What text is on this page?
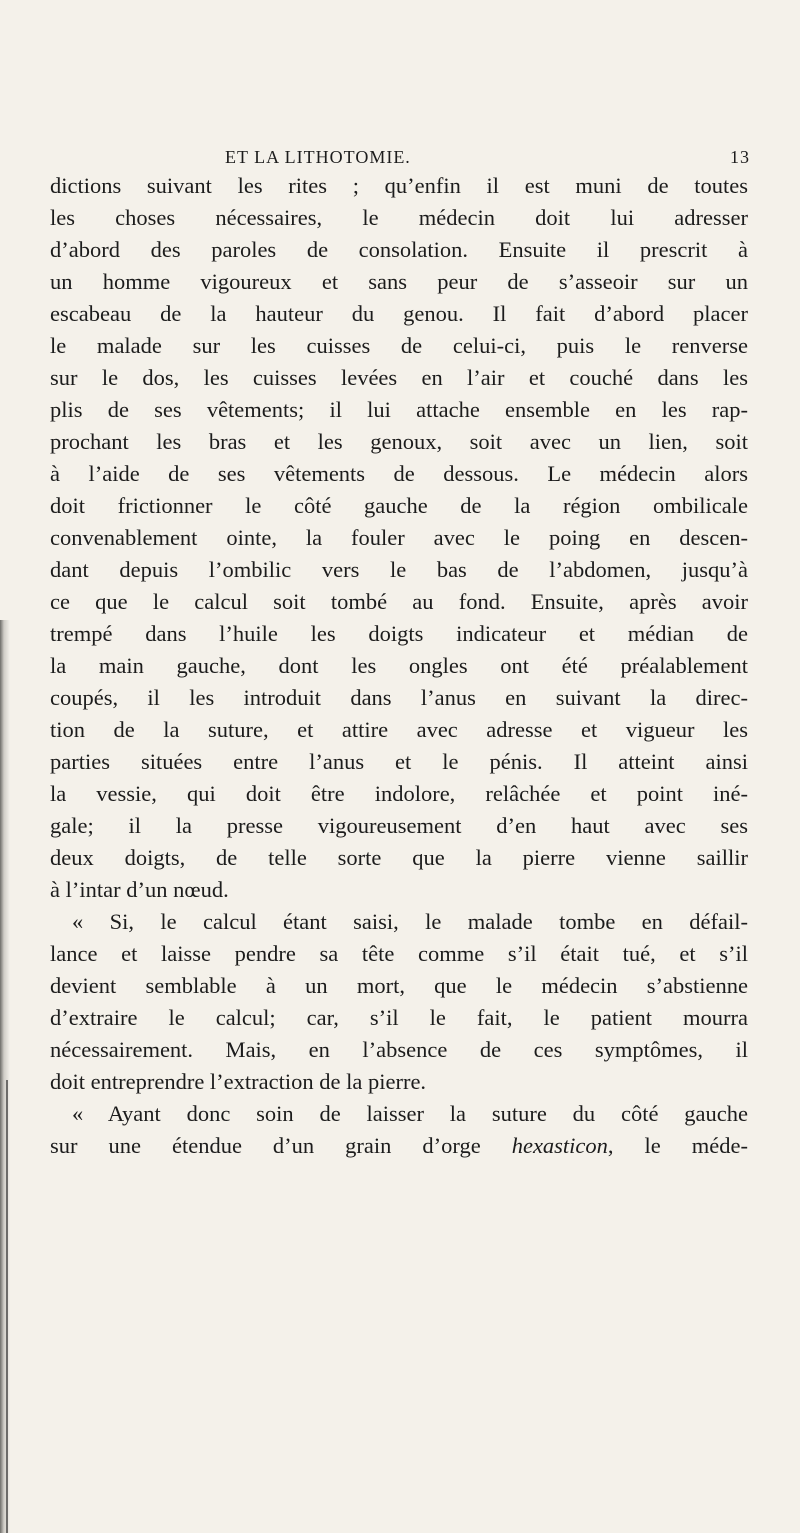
ET LA LITHOTOMIE.	13
dictions suivant les rites ; qu’enfin il est muni de toutes
les choses nécessaires, le médecin doit lui adresser
d’abord des paroles de consolation. Ensuite il prescrit à
un homme vigoureux et sans peur de s’asseoir sur un
escabeau de la hauteur du genou. Il fait d’abord placer
le malade sur les cuisses de celui-ci, puis le renverse
sur le dos, les cuisses levées en l’air et couché dans les
plis de ses vêtements; il lui attache ensemble en les rap-
prochant les bras et les genoux, soit avec un lien, soit
à l’aide de ses vêtements de dessous. Le médecin alors
doit frictionner le côté gauche de la région ombilicale
convenablement ointe, la fouler avec le poing en descen-
dant depuis l’ombilic vers le bas de l’abdomen, jusqu’à
ce que le calcul soit tombé au fond. Ensuite, après avoir
trempé dans l’huile les doigts indicateur et médian de
la main gauche, dont les ongles ont été préalablement
coupés, il les introduit dans l’anus en suivant la direc-
tion de la suture, et attire avec adresse et vigueur les
parties situées entre l’anus et le pénis. Il atteint ainsi
la vessie, qui doit être indolore, relâchée et point iné-
gale; il la presse vigoureusement d’en haut avec ses
deux doigts, de telle sorte que la pierre vienne saillir
à l’intar d’un nœud.
« Si, le calcul étant saisi, le malade tombe en défail-
lance et laisse pendre sa tête comme s’il était tué, et s’il
devient semblable à un mort, que le médecin s’abstienne
d’extraire le calcul; car, s’il le fait, le patient mourra
nécessairement. Mais, en l’absence de ces symptômes, il
doit entreprendre l’extraction de la pierre.
« Ayant donc soin de laisser la suture du côté gauche
sur une étendue d’un grain d’orge hexasticon, le méde-
